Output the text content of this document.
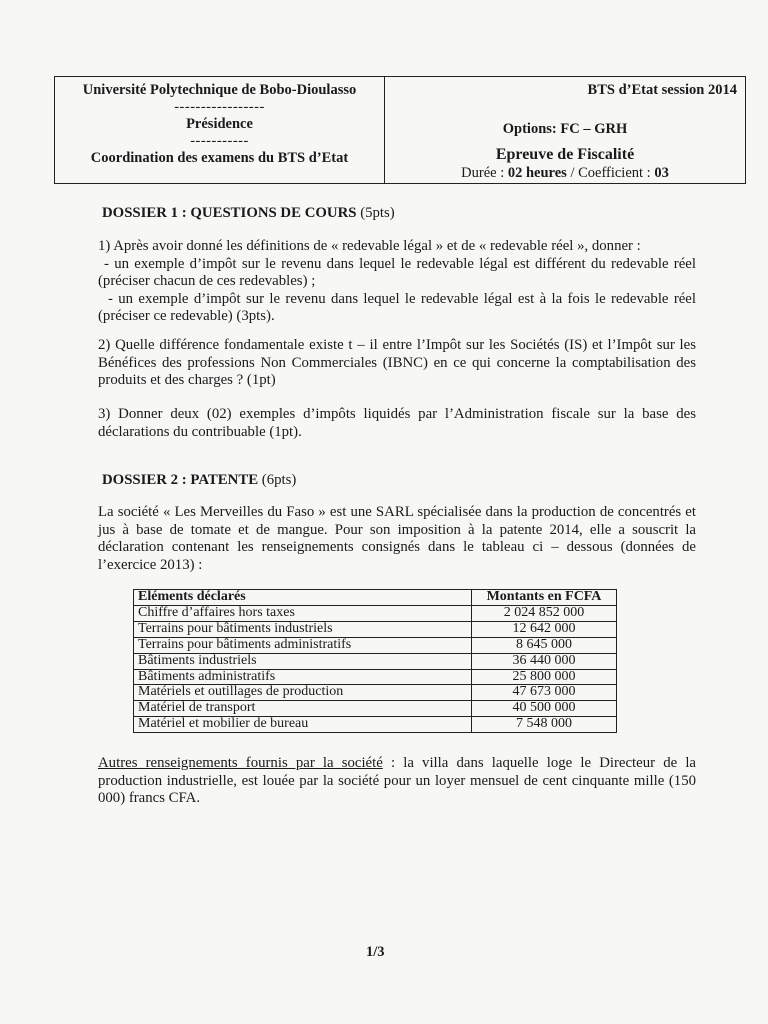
Université Polytechnique de Bobo-Dioulasso
-----------------
Présidence
-----------
Coordination des examens du BTS d’Etat
BTS d’Etat session 2014
Options: FC – GRH
Epreuve de Fiscalité
Durée : 02 heures / Coefficient : 03
DOSSIER 1 : QUESTIONS DE COURS (5pts)
1) Après avoir donné les définitions de « redevable légal » et de « redevable réel », donner :
- un exemple d’impôt sur le revenu dans lequel le redevable légal est différent du redevable réel (préciser chacun de ces redevables) ;
- un exemple d’impôt sur le revenu dans lequel le redevable légal est à la fois le redevable réel (préciser ce redevable) (3pts).
2) Quelle différence fondamentale existe t – il entre l’Impôt sur les Sociétés (IS) et l’Impôt sur les Bénéfices des professions Non Commerciales (IBNC) en ce qui concerne la comptabilisation des produits et des charges ? (1pt)
3) Donner deux (02) exemples d’impôts liquidés par l’Administration fiscale sur la base des déclarations du contribuable (1pt).
DOSSIER 2 : PATENTE (6pts)
La société « Les Merveilles du Faso » est une SARL spécialisée dans la production de concentrés et jus à base de tomate et de mangue. Pour son imposition à la patente 2014, elle a souscrit la déclaration contenant les renseignements consignés dans le tableau ci – dessous (données de l’exercice 2013) :
Eléments déclarés	Montants en FCFA
Chiffre d’affaires hors taxes	2 024 852 000
Terrains pour bâtiments industriels	12 642 000
Terrains pour bâtiments administratifs	8 645 000
Bâtiments industriels	36 440 000
Bâtiments administratifs	25 800 000
Matériels et outillages de production	47 673 000
Matériel de transport	40 500 000
Matériel et mobilier de bureau	7 548 000
Autres renseignements fournis par la société : la villa dans laquelle loge le Directeur de la production industrielle, est louée par la société pour un loyer mensuel de cent cinquante mille (150 000) francs CFA.
1/3
